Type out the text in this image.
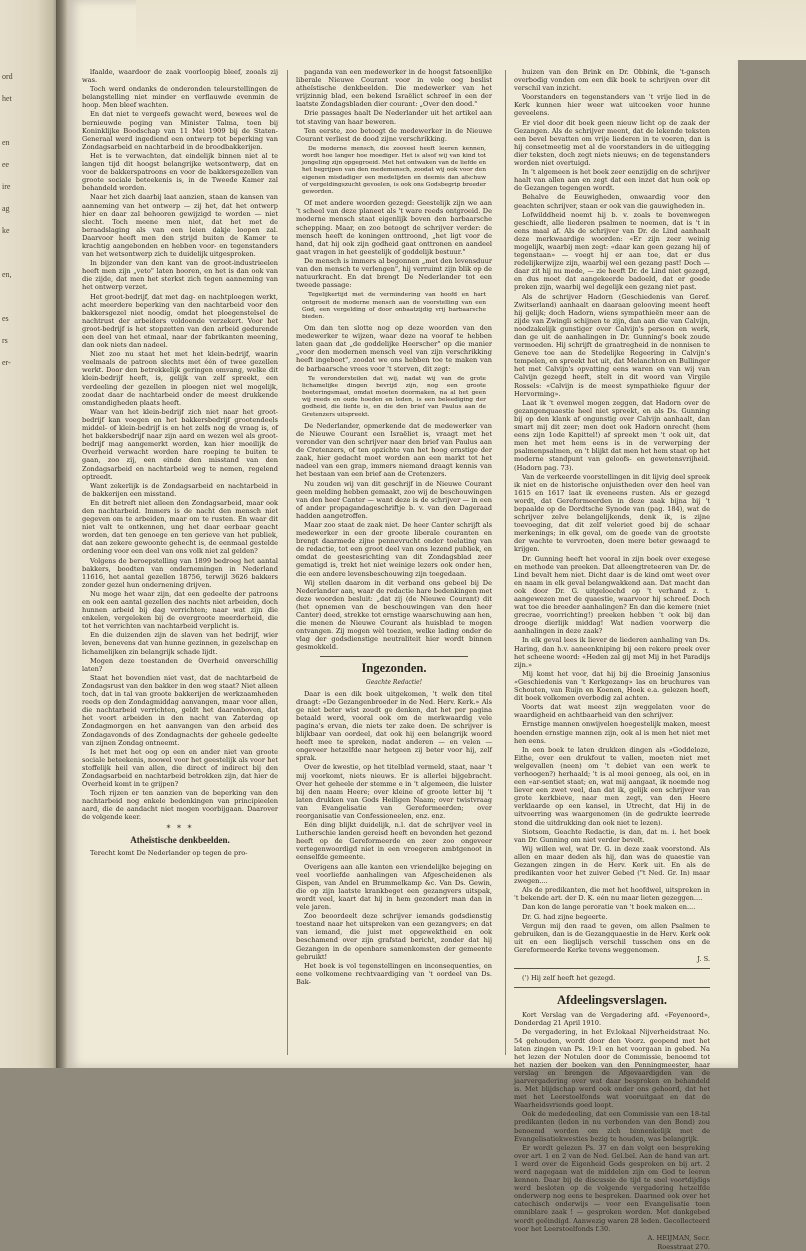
ord
het
en
ee
ire
ag
ke
en,
es
rs
er-

lfaalde, waardoor de zaak voorloopig bleef, zooals zij was.

Toch werd ondanks de onderonden teleurstellingen de belangstelling niet minder en verflauwde evenmin de hoop. Men bleef wachten.

En dat niet te vergeefs gewacht werd, bewees wel de bernieuwde poging van Minister Talma, toen bij Koninklijke Boodschap van 11 Mei 1909 bij de Staten-Generaal werd ingediend een ontwerp tot beperking van Zondagsarbeid en nachtarbeid in de broodbakkerijen.

Het is te verwachten, dat eindelijk binnen niet al te langen tijd dit hoogst belangrijke wetsontwerp, dat en voor de bakkerspatroons en voor de bakkersgezellen van groote sociale beteekenis is, in de Tweede Kamer zal behandeld worden.

Naar het zich daarbij laat aanzien, staan de kansen van aanneming van het ontwerp — zij het, dat het ontwerp hier en daar zal behooren gewijzigd te worden — niet slecht. Toch meene men niet, dat het met de beraadslaging als van een leien dakje loopen zal. Daarvoor heeft men den strijd buiten de Kamer te krachtig aangebonden en hebben voor- en tegenstanders van het wetsontwerp zich te duidelijk uitgesproken.

In bijzonder van den kant van de groot-industrieelen heeft men zijn „veto" laten hooren, en het is dan ook van die zijde, dat men het sterkst zich tegen aanneming van het ontwerp verzet.

Het groot-bedrijf, dat met dag- en nachtploegen werkt, acht meerdere beperking van den nachtarbeid voor den bakkersgezel niet noodig, omdat het ploegenstelsel de nachtrust der arbeiders voldoende verzekert. Voor het groot-bedrijf is het stopzetten van den arbeid gedurende een deel van het etmaal, naar der fabrikanten meening, dan ook niets dan nadeel.

Niet zoo nu staat het met het klein-bedrijf, waarin veelmaals de patroon slechts met één of twee gezellen werkt. Door den betrekkelijk geringen omvang, welke dit klein-bedrijf heeft, is, gelijk van zelf spreekt, een verdeeling der gezellen in ploegen niet wel mogelijk, zoodat daar de nachtarbeid onder de meest drukkende omstandigheden plaats heeft.

Waar van het klein-bedrijf zich niet naar het groot-bedrijf kan voegen en het bakkersbedrijf grootendeels middel- of klein-bedrijf is en het zelfs nog de vraag is, of het bakkersbedrijf naar zijn aard en wezen wel als groot-bedrijf mag aangemerkt worden, kan hier moeilijk de Overheid verwacht worden hare roeping te buiten te gaan, zoo zij, een einde den misstand van den Zondagsarbeid en nachtarbeid weg te nemen, regelend optreedt.

Want zekerlijk is de Zondagsarbeid en nachtarbeid in de bakkerijen een misstand.

En dit betreft niet alleen den Zondagsarbeid, maar ook den nachtarbeid. Immers is de nacht den mensch niet gegeven om te arbeiden, maar om te rusten. En waar dit niet valt te ontkennen, ung het daar eerbaar geacht worden, dat ten genoege en ten gerieve van het publiek, dat aan zekere gewoonte gehecht is, de eenmaal gestelde ordening voor een deel van ons volk niet zal gelden?

Volgens de beroepstelling van 1899 bedroeg het aantal bakkers, boodten van ondernemingen in Nederland 11616, het aantal gezellen 18756, terwijl 3626 bakkers zonder gezel hun ondernening drijven.

Nu moge het waar zijn, dat een gedeelte der patroons en ook een aantal gezellen des nachts niet arbeiden, doch hunnen arbeid bij dag verrichten; naar wat zijn die enkelen, vergeleken bij de overgroote meerderheid, die tot het verrichten van nachtarbeid verplicht is.

En die duizenden zijn de slaven van het bedrijf, wier leven, benevens dat van hunne gezinnen, in gezelschap en lichamelijken zin belangrijk schade lijdt.

Mogen deze toestanden de Overheid onverschillig laten?

Staat het bovendien niet vast, dat de nachtarbeid de Zondagsrust van den bakker in den weg staat? Niet alleen toch, dat in tal van groote bakkerijen de werkzaamheden reeds op den Zondagmiddag aanvangen, maar voor allen, die nachtarbeid verrichten, geldt het daarenboven, dat het voort arbeiden in den nacht van Zaterdag op Zondagmorgen en het aanvangen van den arbeid des Zondagavonds of des Zondagnachts der geheele gedeelte van zijnen Zondag ontneemt.

Is het met het oog op een en ander niet van groote sociale beteekenis, noowel voor het geestelijk als voor het stoffelijk heil van allen, die direct of indirect bij den Zondagsarbeid en nachtarbeid betrokken zijn, dat hier de Overheid komt in te grijpen?

Toch rijzen er ten aanzien van de beperking van den nachtarbeid nog enkele bedenkingen van principieelen aard, die de aandacht niet mogen voorbijgaan. Daarover de volgende keer.

* * *
Atheïstische denkbeelden.

Terecht komt De Nederlander op tegen de pro-

paganda van een medewerker in de hoogst fatsoenlijke liberale Nieuwe Courant voor in vele oog beslist atheïstische denkbeelden. Die medewerker van het vrijzinnig blad, een bekend Israëlict schreef in een der laatste Zondagsbladen dier courant: „Over den dood."

Drie passages haalt De Nederlander uit het artikel aan tot staving van haar beweren.

Ten eerste, zoo betoogt de medewerker in de Nieuwe Courant verliest de dood zijne verschrikking.

De moderne mensch, die zooveel heeft leeren kennen, wordt hoe langer hoe moediger. Het is alsof wij van kind tot jongeling zijn opgegroeid. Met het ontwaken van de liefde en het begrijpen van den medemensch, zoodat wij ook voor den eigenen misdadiger een medelijden en deemis dan afschuw of vergeldingszucht gevoelen, is ook ons Godsbegrip breeder geworden.

Of met andere woorden gezegd: Geestelijk zijn we aan 't scheel van deze planeet als 't ware reeds ontgroeid. De moderne mensch staat eigenlijk boven den barbaarsche schepping. Maar, en zoo betoogt de schrijver verder: de mensch heeft de koningen onttroond, „het ligt voor de hand, dat hij ook zijn godheid gaat onttronen en aandeel gaat vragen in het geestelijk of goddelijk bestuur."

De mensch is immers al begonnen „met den levensduur van den mensch te verlengen", hij verruimt zijn blik op de natuurkracht. En dat brengt De Nederlander tot een tweede passage:

Tegelijkertijd met de vermindering van hoofd en hart ontgroeit de moderne mensch aan de voorstelling van een God, een vergelding of door onbaatzijdig vrij barbaarsche bieden.

Om dan ten slotte nog op deze woorden van den medewerker te wijzen, waar deze na vooraf te hebben laten gaan dat „de goddelijke Heerscher" op die manier „voor den modernen mensch veel van zijn verschrikking heeft ingeboet", zoodat we ons hebben toe te maken van de barbaarsche vrees voor 't sterven, dit zegt:

Te verondersteilen dat wij, nadat wij van de grote lichamelijke dingen bevrijd zijn, nog een groote boeteringsmaat, omdat moeten doormaken, na al het geen wij reeds en oude hoeden en leden, is een beleediging der godheid, die liefde is, en die den brief van Paulus aan de Gretenzers uitspreekt.

De Nederlander, opmerkende dat de medewerker van de Nieuwe Courant een Israëliet is, vraagt met het veronder van den schrijver naar den brief van Paulus aan de Cretenzers, of ten opzichte van het hoog ernstige der zaak, hier gedacht moet worden aan een markt tot het nadeel van een grap, immers niemand draagt kennis van het bestaan van een brief aan de Cretenzers.

Nu zouden wij van dit geschrijf in de Nieuwe Courant geen melding hebben gemaakt, zoo wij de beschouwingen van den heer Canter — want deze is de schrijver — in een of ander propagandageschriftje b. v. van den Dageraad hadden aangetroffen.

Maar zoo staat de zaak niet. De heer Canter schrijft als medewerker in een der groote liberale couranten en brengt daarmede zijne pennevrucht onder toelating van de redactie, tot een groot deel van ons lezend publiek, en omdat de geestesrichting van dit Zondagsblad zeer gematigd is, trekt het niet weinige lezers ook onder hen, die een andere levensbeschouwing zijn toegedaan.

Wij stellen daarom in dit verband ons gebeel bij De Nederlander aan, waar de redactie hare bedenkingen met deze woorden besluit: „dat zij (de Nieuwe Courant) dit (het opnemen van de beschouwingen van den heer Canter) deed, strekke tot ernstige waarschuwing aan hen, die menen de Nieuwe Courant als huisblad te mogen ontvangen. Zij mogen wèl toezien, welke lading onder de vlag der godsdienstige neutraliteit hier wordt binnen gesmokkeld.

Ingezonden.
Geachte Redactie!

Daar is een dik boek uitgekomen, 't welk den titel draagt: «De Gezangenbroeder in de Ned. Herv. Kerk.» Als ge niet beter wist zoudt ge denken, dat het per pagina betaald werd, vooral ook om de merkwaardig vele pagina's ervan, die niets ter zake doen. De schrijver is blijkbaar van oordeel, dat ook hij een belangrijk woord heeft mee te spreken, nadat anderen — en velen — ongeveer hetzelfde naar hetgeen zij beter voor hij, zelf sprak.

Over de kwestie, op het titelblad vermeld, staat, naar 't mij voorkomt, niets nieuws. Er is allerlei bijgebracht. Over het geheele der stemme e in 't algemeen, die luister bij den naam Heere; over kleine of groote letter bij 't laten drukken van Gods Heiligen Naam; over twistvraag van Evangelisatie van Gereformeerden; over reorganisatie van Confessioneelen, enz. enz.

Eén ding blijkt duidelijk, n.l. dat de schrijver veel in Lutherschie landen gereisd heeft en bevonden het gezond heeft op de Gereformeerde en zeer zoo ongeveer vertegenwoordigd niet in een vroegeren ambtgenoot in eenselfde gemeente.

Overigens aan alle kanten een vriendelijke bejeging en veel voorliefde aanhalingen van Afgescheidenen als Gispen, van Andel en Brummelkamp &c. Van Ds. Gewin, die op zijn laatste krankbeget een gezangvers uitspak, wordt veel, kaart dat hij in hem gezondert man dan in vele jaren.

Zoo beoordeelt deze schrijver iemands godsdienstig toestand naar het uitspreken van een gezangvers; en dat van iemand, die juist met opgewektheid en ook beschamend over zijn grafstad bericht, zonder dat hij Gezangen in de openbare samenkomsten der gemeente gebruikt!

Het boek is vol tegenstellingen en inconsequenties, en eene volkomene rechtvaardiging van 't oordeel van Ds. Bak-

huizen van den Brink en Dr. Obbink, die 't-gansch overbodig vonden om een dik boek te schrijven over dit verschil van inzicht.

Voorstanders en tegenstanders van 't vrije lied in de Kerk kunnen hier weer wat uitcoeken voor hunne geveelens.

Er viel door dit boek geen nieuw licht op de zaak der Gezangen. Als de schrijver meent, dat de lekende teksten een bevel bevatten om vrije liederen in te voeren, dan is hij consetmeetig met al de voorstanders in de uitlegging dier teksten, doch zegt niets nieuws; en de tegenstanders worden niet overtuigd.

In 't algemeen is het boek zeer eenzijdig en de schrijver haalt van allen aan en zegt dat een inzet dat hun ook op de Gezangen tegengen wordt.

Behalve de Eeuwigheden, onwaardig voor den geachten schrijver, staan er ook van die gauwigheden in.

Lofwilddheid noemt hij b. v. zoals te bovenwegen geschiedt, alle liederen psalmen te noemen, dat is 't in eens maal af. Als de schrijver van Dr. de Lind aanhaalt deze merkwaardige woorden: «Er zijn zeer weinig mogelijk, waarbij men zegt: «daar kan geen gezang hij of tegenstaan» — voegt hij er aan toe, dat er dus redelijkerwijze zijn, waarbij wel een gezang past! Doch — daar zit hij nu mede, — zie heeft Dr. de Lind niet gezegd, en dus moet dat aangekeerde badoeld, dat er goede preken zijn, waarbij wel degelijk een gezang niet past.

Als de schrijver Hadorn (Geschiedenis van Geref. Zwitserland) aanhaalt en daaraan gelooving meent heeft hij gelijk; doch Hadorn, wiens sympathieën meer aan de zijde van Zwingli schijnen te zijn, dan aan die van Calvijn, noodzakelijk gunstiger over Calvijn's persoon en werk, dan ge uit de aanhalingen in Dr. Gunning's boek zoude vermoeden. Hij schrijft de graatregheid in de nonnisen te Geneve toe aan de Stedelijke Regeering in Calvijn's tempelen, en spreekt het uit, dat Melanchton en Bullinger het met Calvijn's opvatting eens waren en van wij van Calvijn gezegd heeft, stelt in dit woord van Virgile Rossels: «Calvijn is de meest sympathieke figuur der Hervorming».

Laat ik 't evenwel mogen zeggen, dat Hadorn over de gezangenquaestie heel niet spreekt, en als Ds. Gunning bij op den klank af ongunstig over Calvijn aanhaalt, dan smart mij dit zeer; men doet ook Hadorn onrecht (hem eens zijn 1ode Kapittel!) af spreekt men 't ook uit, dat men het met hem eens is in de verwerping der psalmenpsalmen, en 't blijkt dat men het hem staat op het moderne standpunt van geloofs- en gewetensvrijheid. (Hadorn pag. 73).

Van de verkeerde voorstellingen in dit lijvig deel spreek ik niet en de historische onjuistheden over den heel van 1615 en 1617 laat ik eveneens rusten. Als er gezegd wordt, dat Gereformeerden in deze zaak bijna bij 't bepaalde op de Dordtsche Synode van (pag. 184), wat de schrijver zelve belangelijkends, denk ik, is zijne toevoeging, dat dit zelf veleriet goed bij de schaar merkenings; in elk geval, om de goede van de grootste der wachte te vervroeten, doen mere beter gewaagd te krijgen.

Dr. Gunning heeft het vooral in zijn boek over exegese en methode van preeken. Dat alleengtreteeren van Dr. de Lind bevalt hem niet. Dicht daar is de kind omt weet over en naam in elk geval belangwakkend aan. Dat macht dan ook door Dr. G. uitgeloechd op 't verhand z. t. aangewezen met de quaestie, waarvoor hij schreef. Doch wat toe die breeder aanhalingen? En dan die kemere (niet grecrae, voorrichting!) preeken hebben 't ook bij dan drooge dierlijk middag! Wat nadien voorwerp die aanhalingen in deze zaak?

In elk geval lees ik liever de liederen aanhaling van Ds. Haring, dan h.v. aaneenkniping bij een rekere preek over het scheene woord: «Heden zal gij met Mij in het Paradijs zijn.»

Mij komt het voor, dat hij bij die Broeinig Jansonius «Geschiedenis van 't Kerkgezang» las en bruchures van Schouten, van Ruijn en Koenen, Hoek e.a. gelezen heeft, dit boek volkomen overbodig zal achten.

Voorts dat wat meest zijn weggelaten voor de waardigheid en achtbaarheid van den schrijver.

Ernstige mannen onwijvelen hoegestelijk maken, meest hoenden ernstige mannen zijn, ook al is men het niet met hen eens.

In een boek te laten drukken dingen als «Goddeloze, Eithe, over een drukfout te vallen, moeten niet met welgevallen (neen) om 't debiet van een werk te verhoogen?) herhaald; 't is al mooi genoeg, als ooi, en in een «ar-sentiet staat; en, wat mij aangaat, ik noemde nog liever een zwet veel, dan dat ik, gelijk een schrijver van grote kerkbieve, naar men zegt, van den Heere verklaarde op een kansel, in Utrecht, dat Hij in de uitvoerring was waargenomen (in de gedrukte leerrede stond die uitdrukking dan ook niet te lezen).

Siotsom, Geachte Redactie, is dan, dat m. i. het boek van Dr. Gunning om niet verder bevelt.

Wij willen wel, wat Dr. G. in deze zaak voorstond. Als allen en maar deden als hij, dan was de quaestie van Gezangen zingen in de Herv. Kerk uit. En als de predikanten voor het zuiver Gebed ("t Ned. Gr. In) maar zwegen....

Als de predikanten, die met het hoofdwel, uitspreken in 't bekende art. der D. K. eén nu maar lieten gezeggen....

Dan kon de lange peroratie van 't boek maken en....

Dr. G. had zijne begeerte.

Vergun mij den raad te geven, om allen Psalmen te gebruiken, dan is de Gezangquaestie in de Herv. Kerk ook uit en een lieglijsch verschil tusschen ons en de Gereformeerde Kerke tevens weggenomen.

J. S.

(') Hij zelf heeft het gezegd.

Afdeelingsverslagen.

Kort Verslag van de Vergadering afd. «Feyenoord», Donderdag 21 April 1910.

De vergadering, in het Ev.lokaal Nijverheidstraat No. 54 gehouden, wordt door den Voorz. geopend met het laten zingen van Ps. 19:1 en het voorgaan in gebed. Na het lezen der Notulen door de Commissie, benoemd tot het nazien der boeken van den Penningmeester, haar verslag en brengen de Afgevaardigden van de jaarvergadering over wat daar besproken en behandeld is. Met blijdschap werd ook onder ons gehoord, dat het met het Leerstoelfonds wat vooruitgaat en dat de Waarheidsvriends goed loopt.

Ook de mededeeling, dat een Commissie van een 18-tal predikanten (leden in nu verbonden van den Bond) zou benoemd worden om zich binnenkelijk met de Evangelisatiekwesties bezig te houden, was belangrijk.

Er wordt gelezen Ps. 37 en dan volgt een bespreking over art. 1 en 2 van de Ned. Gel.bel. Aan de hand van art. 1 werd over de Eigenheid Gods gesproken en bij art. 2 werd nagegaan wat de middelen zijn om God te leeren kennen. Daar bij de discussie de tijd te snel voortdijdigs werd besloten op de volgende vergadering hetzelfde onderwerp nog eens te bespreken. Daarmed ook over het catechisch onderwijs — voor een Evangelisatie toen omniblare zaak ! — gesproken worden. Met dankgebed wordt geëindigd. Aanwezig waren 28 leden. Gecollecteerd voor het Leerstoelfonds f.30.

A. HEIJMAN, Secr.

Roesstraat 270.
